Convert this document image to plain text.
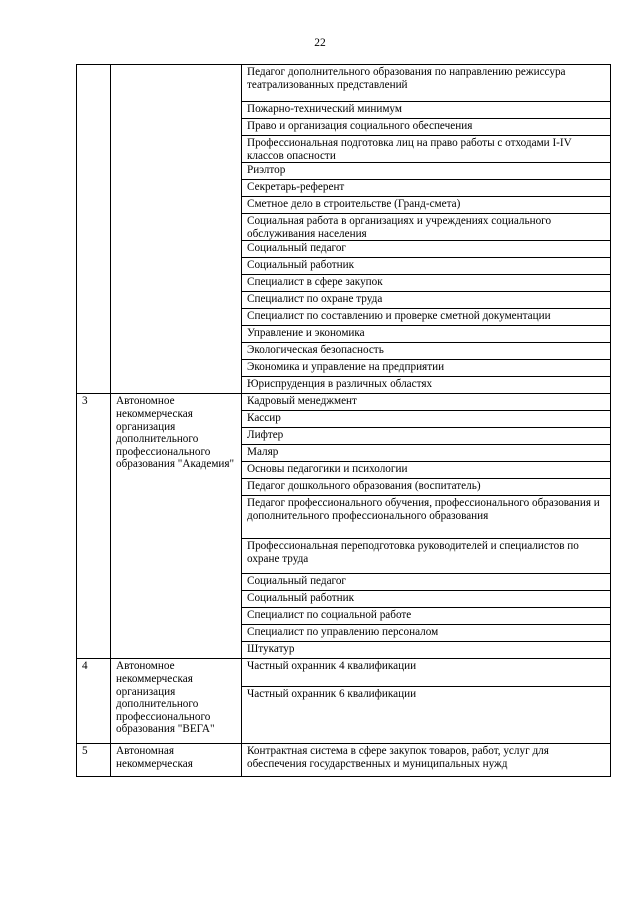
22
		Педагог дополнительного образования по направлению режиссура театрализованных представлений
		Пожарно-технический минимум
		Право и организация социального обеспечения
		Профессиональная подготовка лиц на право работы с отходами I-IV классов опасности
		Риэлтор
		Секретарь-референт
		Сметное дело в строительстве (Гранд-смета)
		Социальная работа в организациях и учреждениях социального обслуживания населения
		Социальный педагог
		Социальный работник
		Специалист в сфере закупок
		Специалист по охране труда
		Специалист по составлению и проверке сметной документации
		Управление и экономика
		Экологическая безопасность
		Экономика и управление на предприятии
		Юриспруденция в различных областях
3	Автономное некоммерческая организация дополнительного профессионального образования "Академия"	Кадровый менеджмент
		Кассир
		Лифтер
		Маляр
		Основы педагогики и психологии
		Педагог дошкольного образования (воспитатель)
		Педагог профессионального обучения, профессионального образования и дополнительного профессионального образования
		Профессиональная переподготовка руководителей и специалистов по охране труда
		Социальный педагог
		Социальный работник
		Специалист по социальной работе
		Специалист по управлению персоналом
		Штукатур
4	Автономное некоммерческая организация дополнительного профессионального образования "ВЕГА"	Частный охранник 4 квалификации
		Частный охранник 6 квалификации
5	Автономная некоммерческая	Контрактная система в сфере закупок товаров, работ, услуг для обеспечения государственных и муниципальных нужд
